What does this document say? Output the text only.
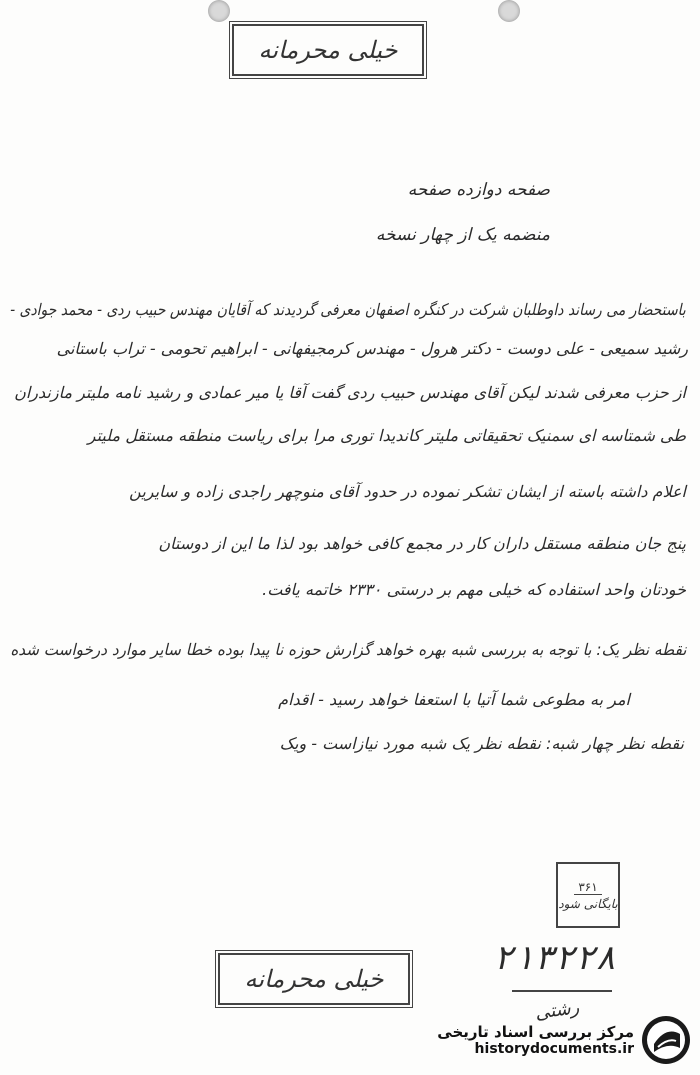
خیلی محرمانه
صفحه دوازده صفحه
منضمه یک از چهار نسخه
باستحضار می رساند داوطلبان شرکت در کنگره اصفهان معرفی گردیدند که آقایان مهندس حبیب ردی - محمد جوادی -
رشید سمیعی - علی دوست - دکتر هرول - مهندس کرمجیفهانی - ابراهیم تحومی - تراب باستانی
از حزب معرفی شدند لیکن آقای مهندس حبیب ردی گفت آقا یا میر عمادی و رشید نامه ملیتر مازندران
طی شمتاسه ای سمنیک تحقیقاتی ملیتر کاندیدا توری مرا برای ریاست منطقه مستقل ملیتر
اعلام داشته باسته از ایشان تشکر نموده در حدود آقای منوچهر راجدی زاده و سایرین
پنج جان منطقه مستقل داران کار در مجمع کافی خواهد بود لذا ما این از دوستان
خودتان واحد استفاده که خیلی مهم بر درستی ۲۳۳۰ خاتمه یافت.
نقطه نظر یک: با توجه به بررسی شبه بهره خواهد گزارش حوزه نا پیدا بوده خطا سایر موارد درخواست شده
امر به مطوعی شما آتیا با استعفا خواهد رسید - اقدام
نقطه نظر چهار شبه: نقطه نظر یک شبه مورد نیازاست - ویک
۳۶۱
بایگانی شود
۲۱۳۲۲۸
رشتی
خیلی محرمانه
مرکز بررسی اسناد تاریخی
historydocuments.ir
